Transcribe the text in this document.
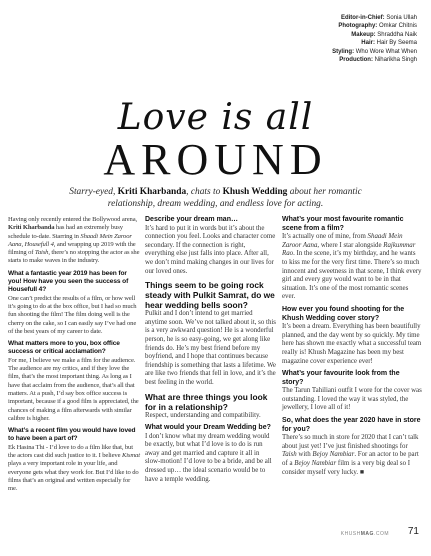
Editor-in-Chief: Sonia Ullah
Photography: Omkar Chitnis
Makeup: Shraddha Naik
Hair: Hair By Seema
Styling: Who Wore What When
Production: Niharikha Singh
Love is all
AROUND
Starry-eyed, Kriti Kharbanda, chats to Khush Wedding about her romantic relationship, dream wedding, and endless love for acting.

Having only recently entered the Bollywood arena, Kriti Kharbanda has had an extremely busy schedule to-date. Starring in Shaadi Mein Zaroor Aana, Housefull 4, and wrapping up 2019 with the filming of Taish, there’s no stopping the actor as she starts to make waves in the industry.

What a fantastic year 2019 has been for you! How have you seen the success of Housefull 4?

One can’t predict the results of a film, or how well it’s going to do at the box office, but I had so much fun shooting the film! The film doing well is the cherry on the cake, so I can easily say I’ve had one of the best years of my career to date.

What matters more to you, box office success or critical acclamation?

For me, I believe we make a film for the audience. The audience are my critics, and if they love the film, that’s the most important thing. As long as I have that acclaim from the audience, that’s all that matters. At a push, I’d say box office success is important, because if a good film is appreciated, the chances of making a film afterwards with similar calibre is higher.

What’s a recent film you would have loved to have been a part of?

Ek Hasina Thi - I’d love to do a film like that, but the actors cast did such justice to it. I believe Kismat plays a very important role in your life, and everyone gets what they work for. But I’d like to do films that’s an original and written especially for me.

Describe your dream man…

It’s hard to put it in words but it’s about the connection you feel. Looks and character come secondary. If the connection is right, everything else just falls into place. After all, we don’t mind making changes in our lives for our loved ones.

Things seem to be going rock steady with Pulkit Samrat, do we hear wedding bells soon?

Pulkit and I don’t intend to get married anytime soon. We’ve not talked about it, so this is a very awkward question! He is a wonderful person, he is so easy-going, we get along like friends do. He’s my best friend before my boyfriend, and I hope that continues because friendship is something that lasts a lifetime. We are like two friends that fell in love, and it’s the best feeling in the world.

What are three things you look for in a relationship?

Respect, understanding and compatibility.

What would your Dream Wedding be?

I don’t know what my dream wedding would be exactly, but what I’d love is to do is run away and get married and capture it all in slow-motion! I’d love to be a bride, and be all dressed up… the ideal scenario would be to have a temple wedding.

What’s your most favourite romantic scene from a film?

It’s actually one of mine, from Shaadi Mein Zaroor Aana, where I star alongside Rajkummar Rao. In the scene, it’s my birthday, and he wants to kiss me for the very first time. There’s so much innocent and sweetness in that scene, I think every girl and every guy would want to be in that situation. It’s one of the most romantic scenes ever.

How ever you found shooting for the Khush Wedding cover story?

It’s been a dream. Everything has been beautifully planned, and the day went by so quickly. My time here has shown me exactly what a successful team really is! Khush Magazine has been my best magazine cover experience ever!

What’s your favourite look from the story?

The Tarun Tahiliani outfit I wore for the cover was outstanding. I loved the way it was styled, the jewellery, I love all of it!

So, what does the year 2020 have in store for you?

There’s so much in store for 2020 that I can’t talk about just yet! I’ve just finished shootings for Taish with Bejoy Nambiar. For an actor to be part of a Bejoy Nambiar film is a very big deal so I consider myself very lucky. ■

KHUSHMAG.COM 71
